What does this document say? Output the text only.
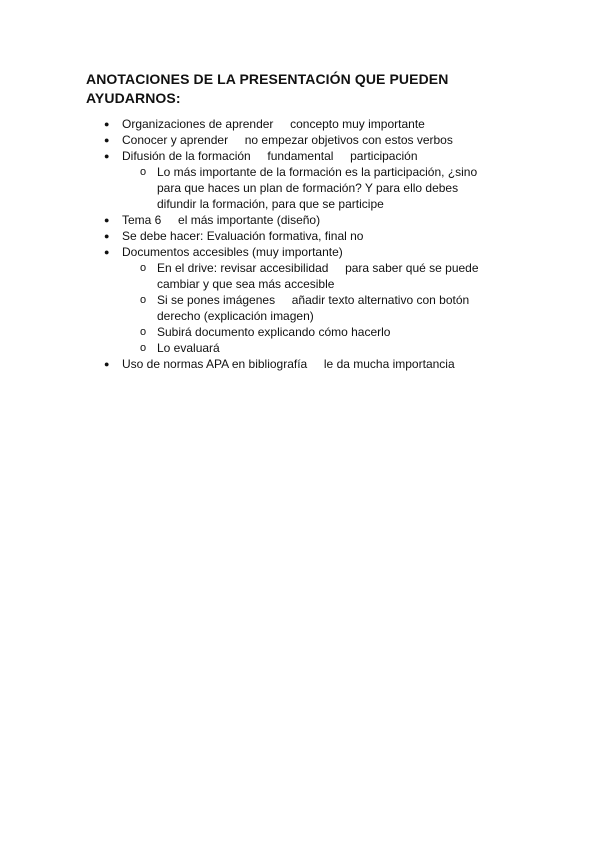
ANOTACIONES DE LA PRESENTACIÓN QUE PUEDEN
AYUDARNOS:
● Organizaciones de aprender     concepto muy importante
● Conocer y aprender     no empezar objetivos con estos verbos
● Difusión de la formación     fundamental     participación
o Lo más importante de la formación es la participación, ¿sino para que haces un plan de formación? Y para ello debes difundir la formación, para que se participe
● Tema 6     el más importante (diseño)
● Se debe hacer: Evaluación formativa, final no
● Documentos accesibles (muy importante)
o En el drive: revisar accesibilidad     para saber qué se puede cambiar y que sea más accesible
o Si se pones imágenes     añadir texto alternativo con botón derecho (explicación imagen)
o Subirá documento explicando cómo hacerlo
o Lo evaluará
● Uso de normas APA en bibliografía     le da mucha importancia
